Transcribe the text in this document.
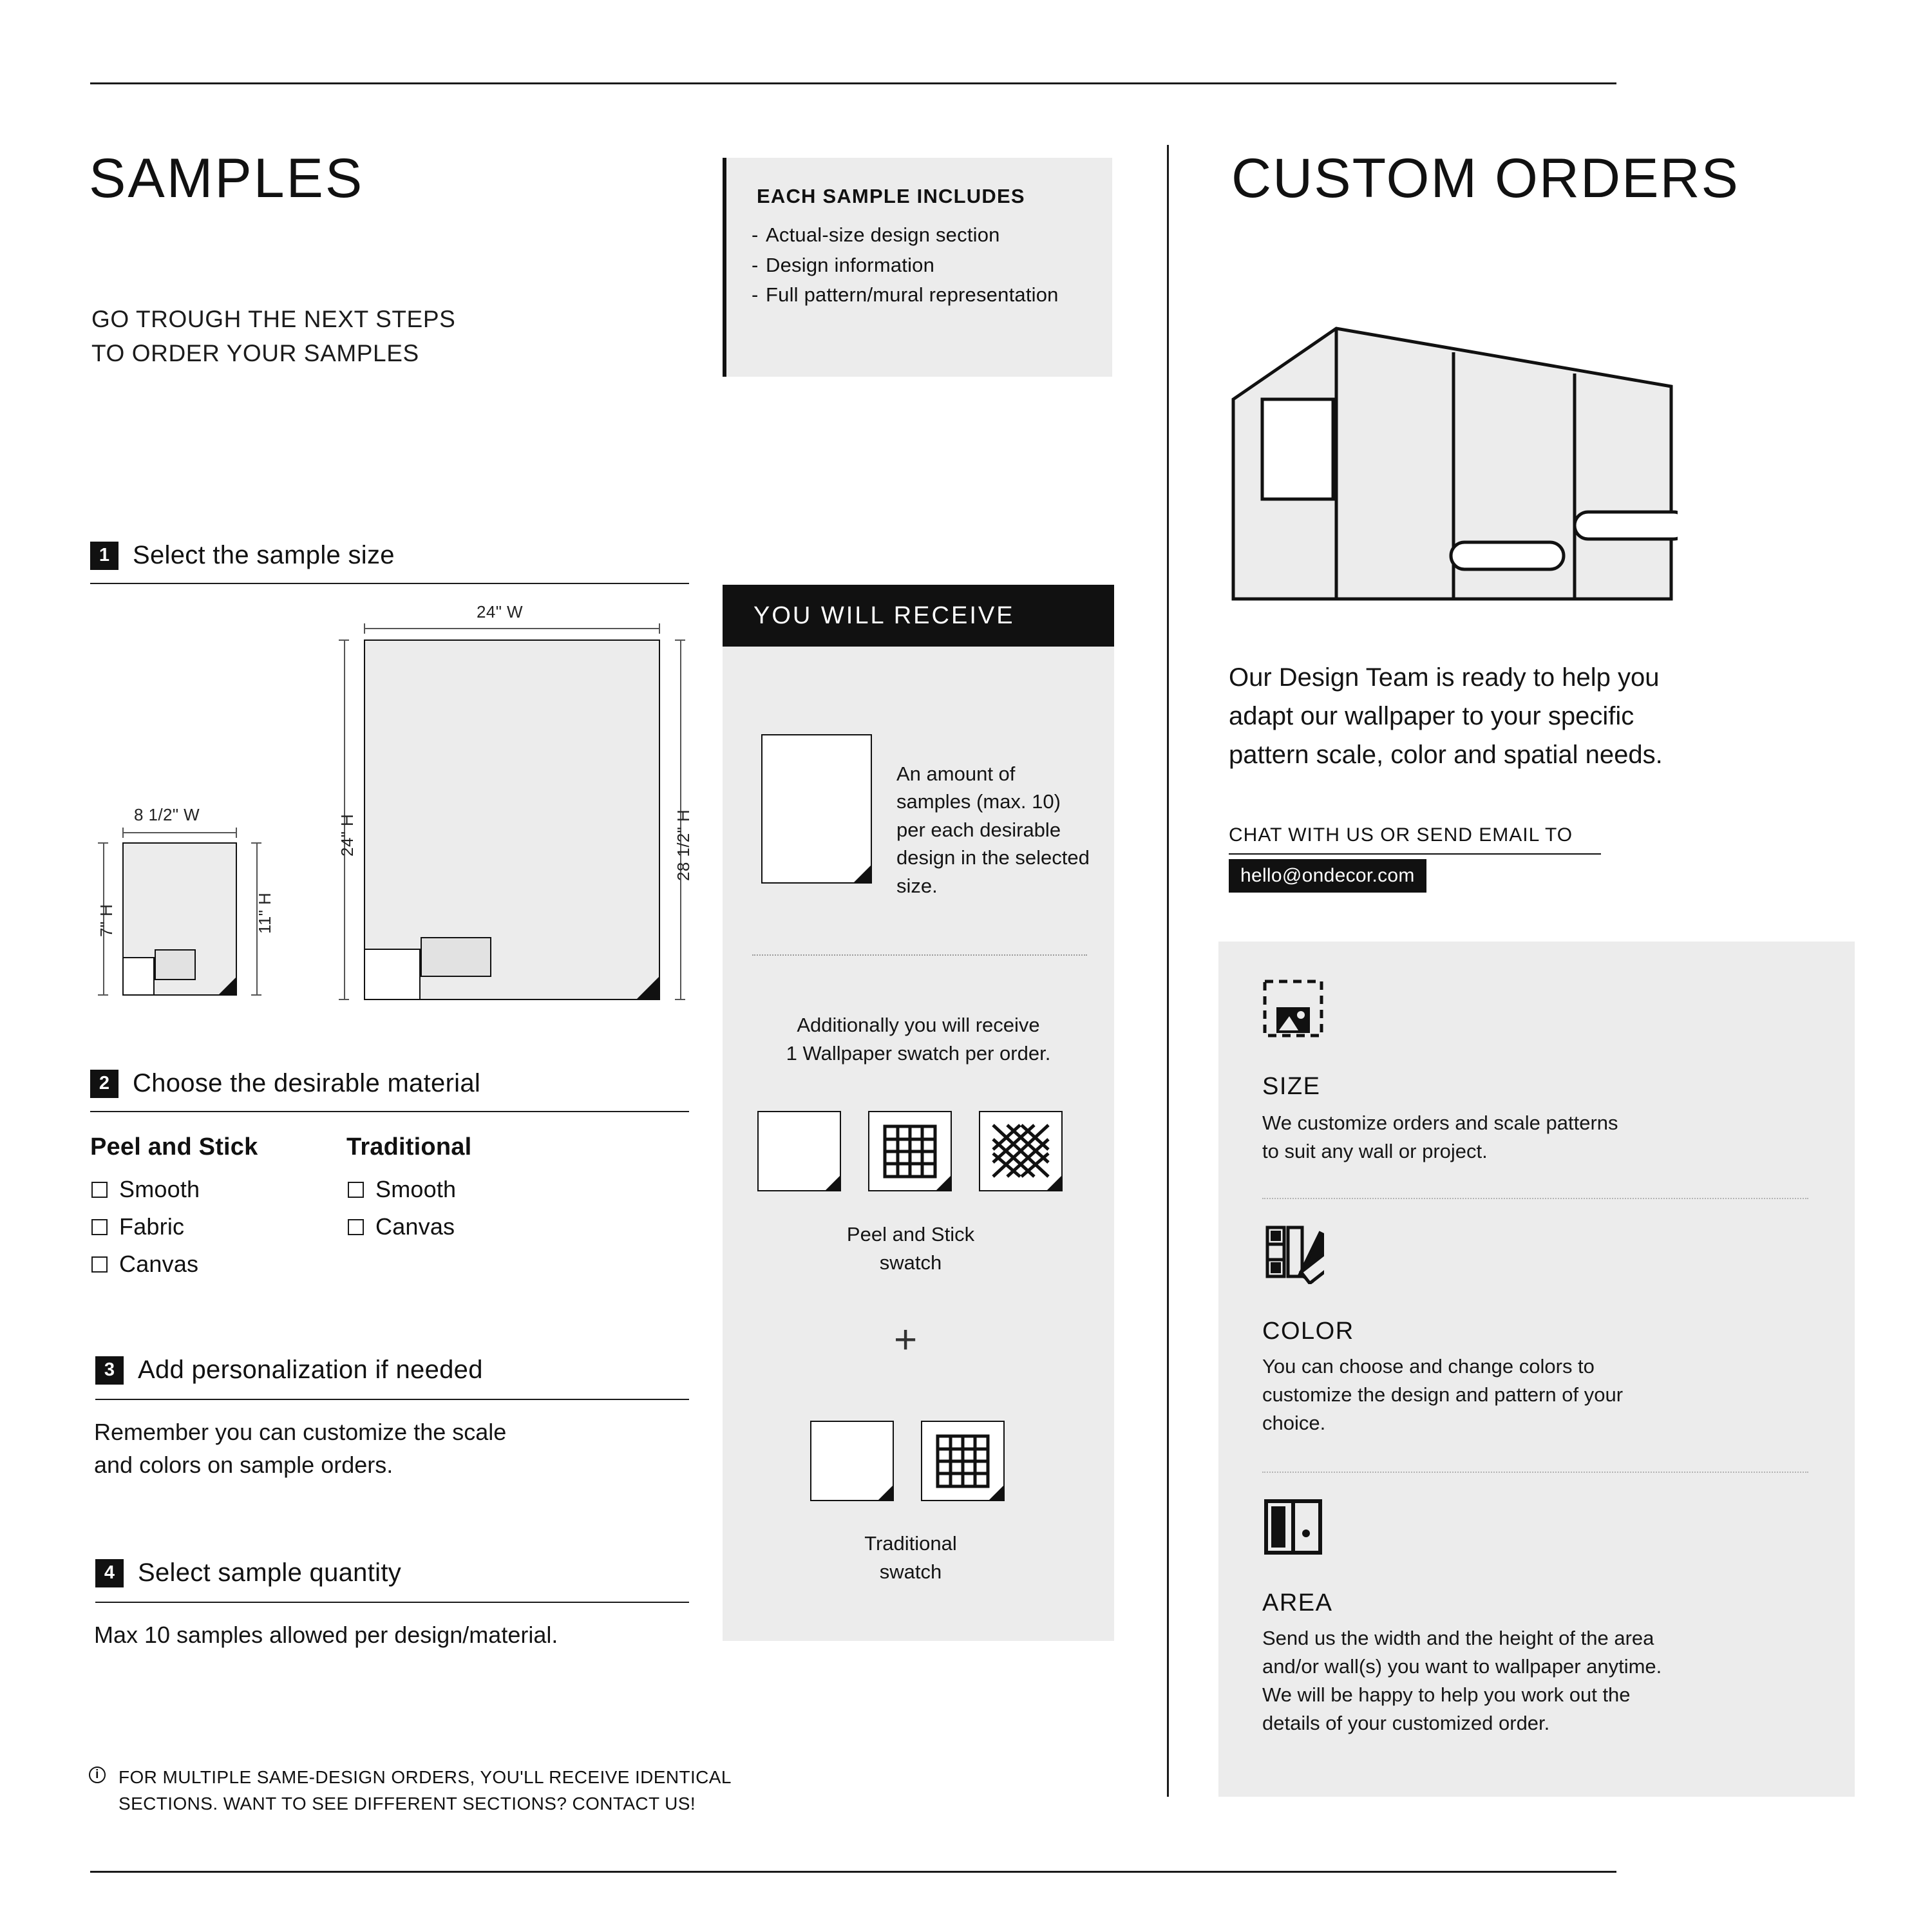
SAMPLES
GO TROUGH THE NEXT STEPS
TO ORDER YOUR SAMPLES
EACH SAMPLE INCLUDES
- Actual-size design section
- Design information
- Full pattern/mural representation
1 Select the sample size
24" W
24" H	28 1/2" H
8 1/2" W
7" H	11" H
2 Choose the desirable material
Peel and Stick
Smooth
Fabric
Canvas
Traditional
Smooth
Canvas
3 Add personalization if needed
Remember you can customize the scale
and colors on sample orders.
4 Select sample quantity
Max 10 samples allowed per design/material.
i	FOR MULTIPLE SAME-DESIGN ORDERS, YOU'LL RECEIVE IDENTICAL
SECTIONS. WANT TO SEE DIFFERENT SECTIONS? CONTACT US!
YOU WILL RECEIVE
An amount of samples (max. 10) per each desirable design in the selected size.
Additionally you will receive
1 Wallpaper swatch per order.
Peel and Stick
swatch
+
Traditional
swatch
CUSTOM ORDERS
Our Design Team is ready to help you
adapt our wallpaper to your specific
pattern scale, color and spatial needs.
CHAT WITH US OR SEND EMAIL TO
hello@ondecor.com
SIZE
We customize orders and scale patterns
to suit any wall or project.
COLOR
You can choose and change colors to
customize the design and pattern of your
choice.
AREA
Send us the width and the height of the area
and/or wall(s) you want to wallpaper anytime.
We will be happy to help you work out the
details of your customized order.
